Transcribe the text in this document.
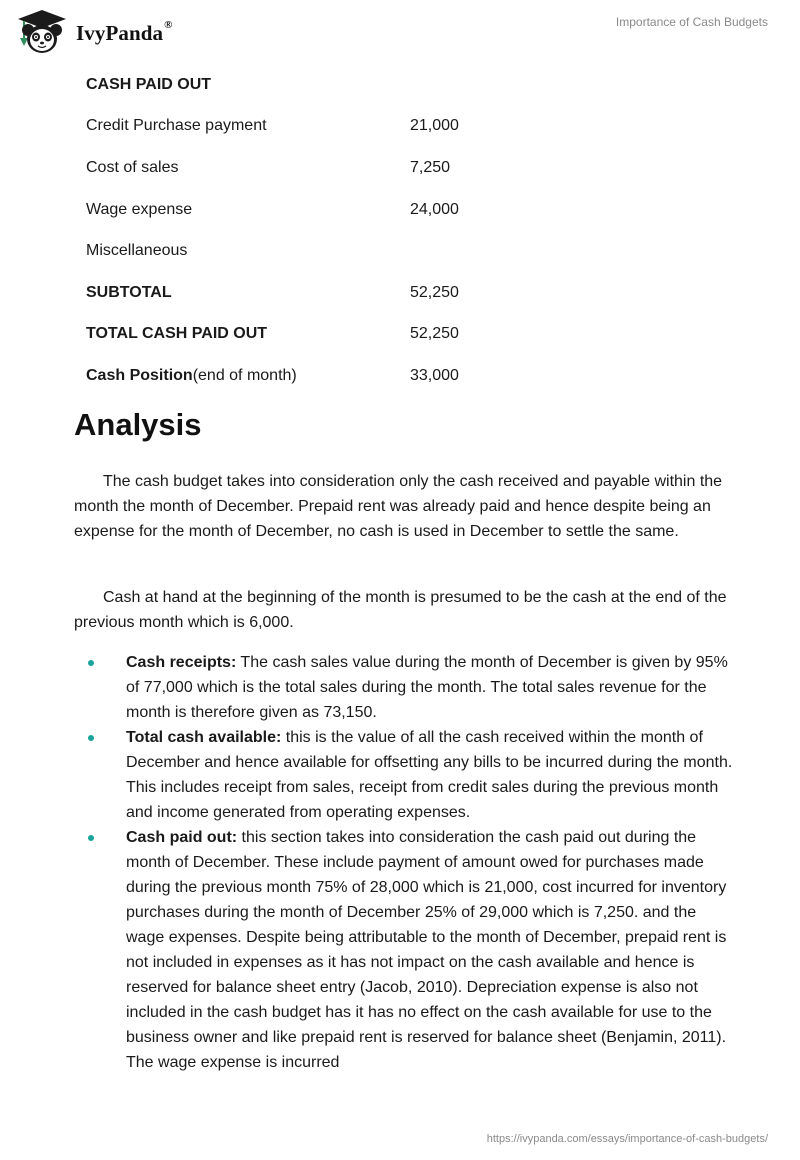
IvyPanda®	Importance of Cash Budgets
CASH PAID OUT	
Credit Purchase payment	21,000
Cost of sales	7,250
Wage expense	24,000
Miscellaneous	
SUBTOTAL	52,250
TOTAL CASH PAID OUT	52,250
Cash Position(end of month)	33,000
Analysis

The cash budget takes into consideration only the cash received and payable within the month the month of December. Prepaid rent was already paid and hence despite being an expense for the month of December, no cash is used in December to settle the same.

Cash at hand at the beginning of the month is presumed to be the cash at the end of the previous month which is 6,000.

Cash receipts: The cash sales value during the month of December is given by 95% of 77,000 which is the total sales during the month. The total sales revenue for the month is therefore given as 73,150.
Total cash available: this is the value of all the cash received within the month of December and hence available for offsetting any bills to be incurred during the month. This includes receipt from sales, receipt from credit sales during the previous month and income generated from operating expenses.
Cash paid out: this section takes into consideration the cash paid out during the month of December. These include payment of amount owed for purchases made during the previous month 75% of 28,000 which is 21,000, cost incurred for inventory purchases during the month of December 25% of 29,000 which is 7,250. and the wage expenses. Despite being attributable to the month of December, prepaid rent is not included in expenses as it has not impact on the cash available and hence is reserved for balance sheet entry (Jacob, 2010). Depreciation expense is also not included in the cash budget has it has no effect on the cash available for use to the business owner and like prepaid rent is reserved for balance sheet (Benjamin, 2011). The wage expense is incurred
https://ivypanda.com/essays/importance-of-cash-budgets/
